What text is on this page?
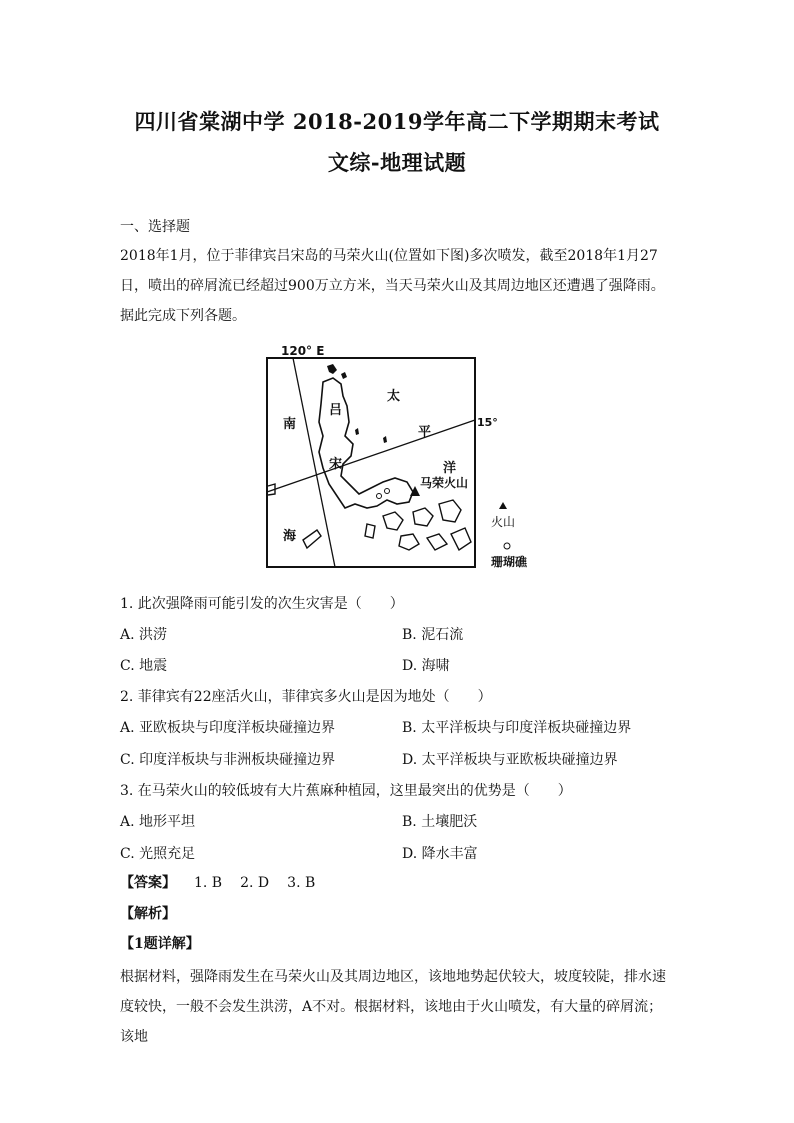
四川省棠湖中学 2018-2019学年高二下学期期末考试
文综-地理试题
一、选择题
2018年1月，位于菲律宾吕宋岛的马荣火山(位置如下图)多次喷发，截至2018年1月27日，喷出的碎屑流已经超过900万立方米，当天马荣火山及其周边地区还遭遇了强降雨。据此完成下列各题。
120° E
15°
南
海
太
平
洋
吕
宋
马荣火山
火山
珊瑚礁
1. 此次强降雨可能引发的次生灾害是（　　）
A. 洪涝	B. 泥石流
C. 地震	D. 海啸
2. 菲律宾有22座活火山，菲律宾多火山是因为地处（　　）
A. 亚欧板块与印度洋板块碰撞边界	B. 太平洋板块与印度洋板块碰撞边界
C. 印度洋板块与非洲板块碰撞边界	D. 太平洋板块与亚欧板块碰撞边界
3. 在马荣火山的较低坡有大片蕉麻种植园，这里最突出的优势是（　　）
A. 地形平坦	B. 土壤肥沃
C. 光照充足	D. 降水丰富
【答案】 1. B 2. D 3. B
【解析】
【1题详解】
根据材料，强降雨发生在马荣火山及其周边地区，该地地势起伏较大，坡度较陡，排水速度较快，一般不会发生洪涝，A不对。根据材料，该地由于火山喷发，有大量的碎屑流；该地
